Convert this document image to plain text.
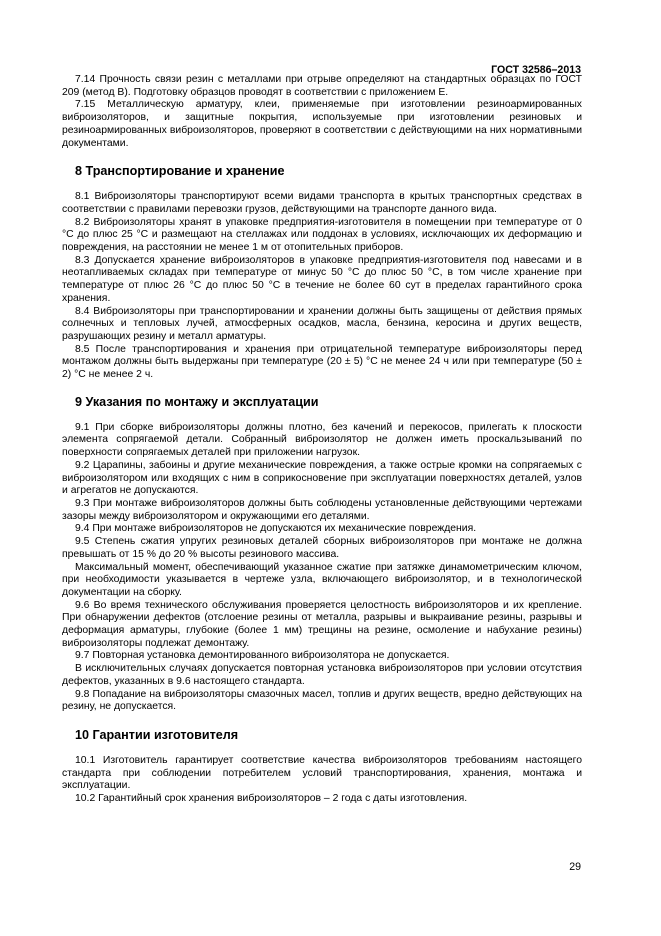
ГОСТ 32586–2013

7.14 Прочность связи резин с металлами при отрыве определяют на стандартных образцах по ГОСТ 209 (метод В). Подготовку образцов проводят в соответствии с приложением Е.

7.15 Металлическую арматуру, клеи, применяемые при изготовлении резиноармированных виброизоляторов, и защитные покрытия, используемые при изготовлении резиновых и резиноармированных виброизоляторов, проверяют в соответствии с действующими на них нормативными документами.

8 Транспортирование и хранение

8.1 Виброизоляторы транспортируют всеми видами транспорта в крытых транспортных средствах в соответствии с правилами перевозки грузов, действующими на транспорте данного вида.

8.2 Виброизоляторы хранят в упаковке предприятия-изготовителя в помещении при температуре от 0 °С до плюс 25 °С и размещают на стеллажах или поддонах в условиях, исключающих их деформацию и повреждения, на расстоянии не менее 1 м от отопительных приборов.

8.3 Допускается хранение виброизоляторов в упаковке предприятия-изготовителя под навесами и в неотапливаемых складах при температуре от минус 50 °С до плюс 50 °С, в том числе хранение при температуре от плюс 26 °С до плюс 50 °С в течение не более 60 сут в пределах гарантийного срока хранения.

8.4 Виброизоляторы при транспортировании и хранении должны быть защищены от действия прямых солнечных и тепловых лучей, атмосферных осадков, масла, бензина, керосина и других веществ, разрушающих резину и металл арматуры.

8.5 После транспортирования и хранения при отрицательной температуре виброизоляторы перед монтажом должны быть выдержаны при температуре (20 ± 5) °С не менее 24 ч или при температуре (50 ± 2) °С не менее 2 ч.

9 Указания по монтажу и эксплуатации

9.1 При сборке виброизоляторы должны плотно, без качений и перекосов, прилегать к плоскости элемента сопрягаемой детали. Собранный виброизолятор не должен иметь проскальзываний по поверхности сопрягаемых деталей при приложении нагрузок.

9.2 Царапины, забоины и другие механические повреждения, а также острые кромки на сопрягаемых с виброизолятором или входящих с ним в соприкосновение при эксплуатации поверхностях деталей, узлов и агрегатов не допускаются.

9.3 При монтаже виброизоляторов должны быть соблюдены установленные действующими чертежами зазоры между виброизолятором и окружающими его деталями.

9.4 При монтаже виброизоляторов не допускаются их механические повреждения.

9.5 Степень сжатия упругих резиновых деталей сборных виброизоляторов при монтаже не должна превышать от 15 % до 20 % высоты резинового массива.

Максимальный момент, обеспечивающий указанное сжатие при затяжке динамометрическим ключом, при необходимости указывается в чертеже узла, включающего виброизолятор, и в технологической документации на сборку.

9.6 Во время технического обслуживания проверяется целостность виброизоляторов и их крепление. При обнаружении дефектов (отслоение резины от металла, разрывы и выкраивание резины, разрывы и деформация арматуры, глубокие (более 1 мм) трещины на резине, осмоление и набухание резины) виброизоляторы подлежат демонтажу.

9.7 Повторная установка демонтированного виброизолятора не допускается.

В исключительных случаях допускается повторная установка виброизоляторов при условии отсутствия дефектов, указанных в 9.6 настоящего стандарта.

9.8 Попадание на виброизоляторы смазочных масел, топлив и других веществ, вредно действующих на резину, не допускается.

10 Гарантии изготовителя

10.1 Изготовитель гарантирует соответствие качества виброизоляторов требованиям настоящего стандарта при соблюдении потребителем условий транспортирования, хранения, монтажа и эксплуатации.

10.2 Гарантийный срок хранения виброизоляторов – 2 года с даты изготовления.

29
